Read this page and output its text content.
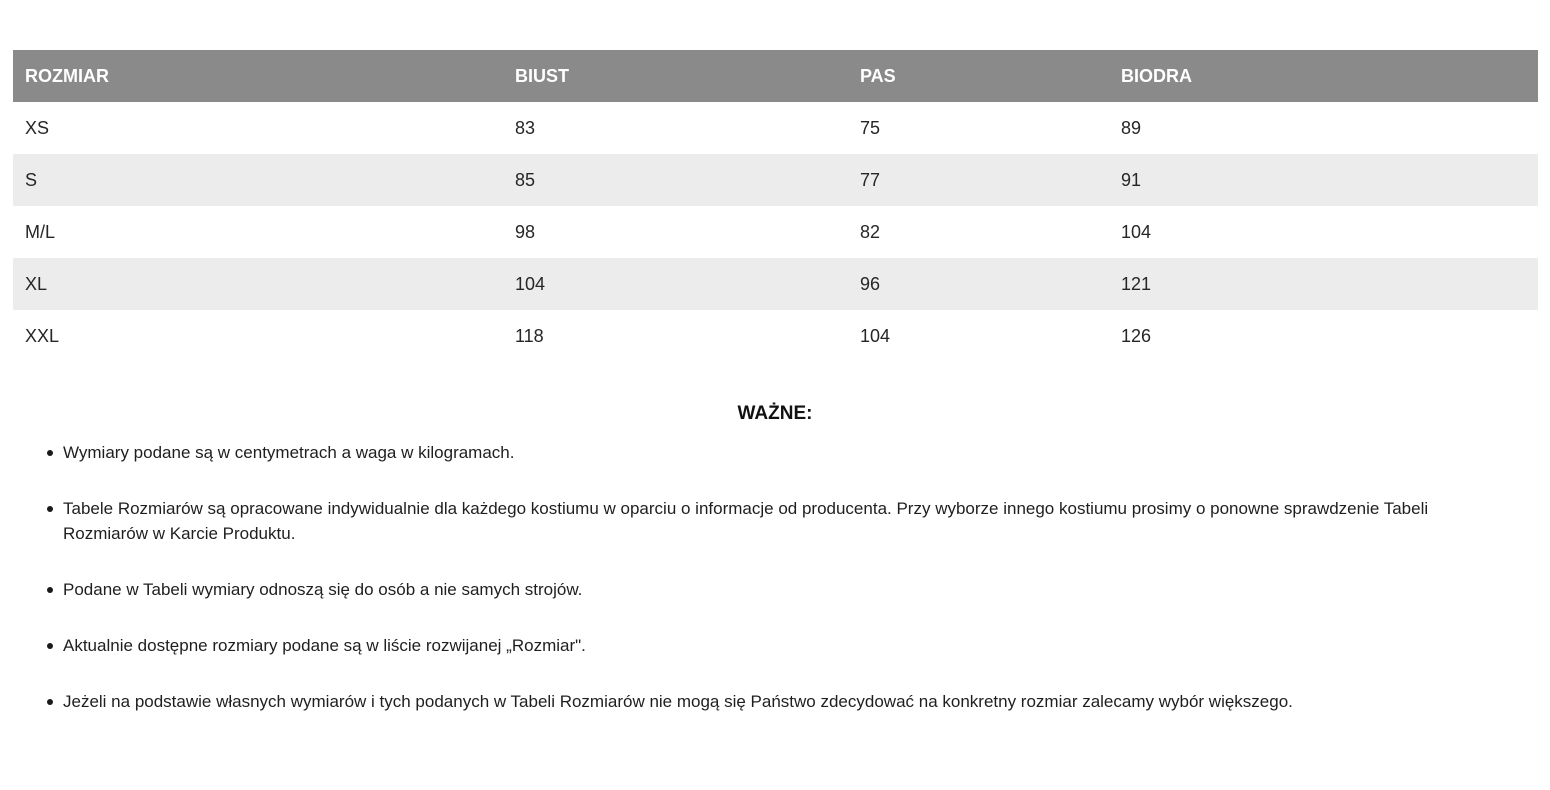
ROZMIAR	BIUST	PAS	BIODRA
XS	83	75	89
S	85	77	91
M/L	98	82	104
XL	104	96	121
XXL	118	104	126
WAŻNE:
Wymiary podane są w centymetrach a waga w kilogramach.
Tabele Rozmiarów są opracowane indywidualnie dla każdego kostiumu w oparciu o informacje od producenta. Przy wyborze innego kostiumu prosimy o ponowne sprawdzenie Tabeli Rozmiarów w Karcie Produktu.
Podane w Tabeli wymiary odnoszą się do osób a nie samych strojów.
Aktualnie dostępne rozmiary podane są w liście rozwijanej „Rozmiar".
Jeżeli na podstawie własnych wymiarów i tych podanych w Tabeli Rozmiarów nie mogą się Państwo zdecydować na konkretny rozmiar zalecamy wybór większego.
